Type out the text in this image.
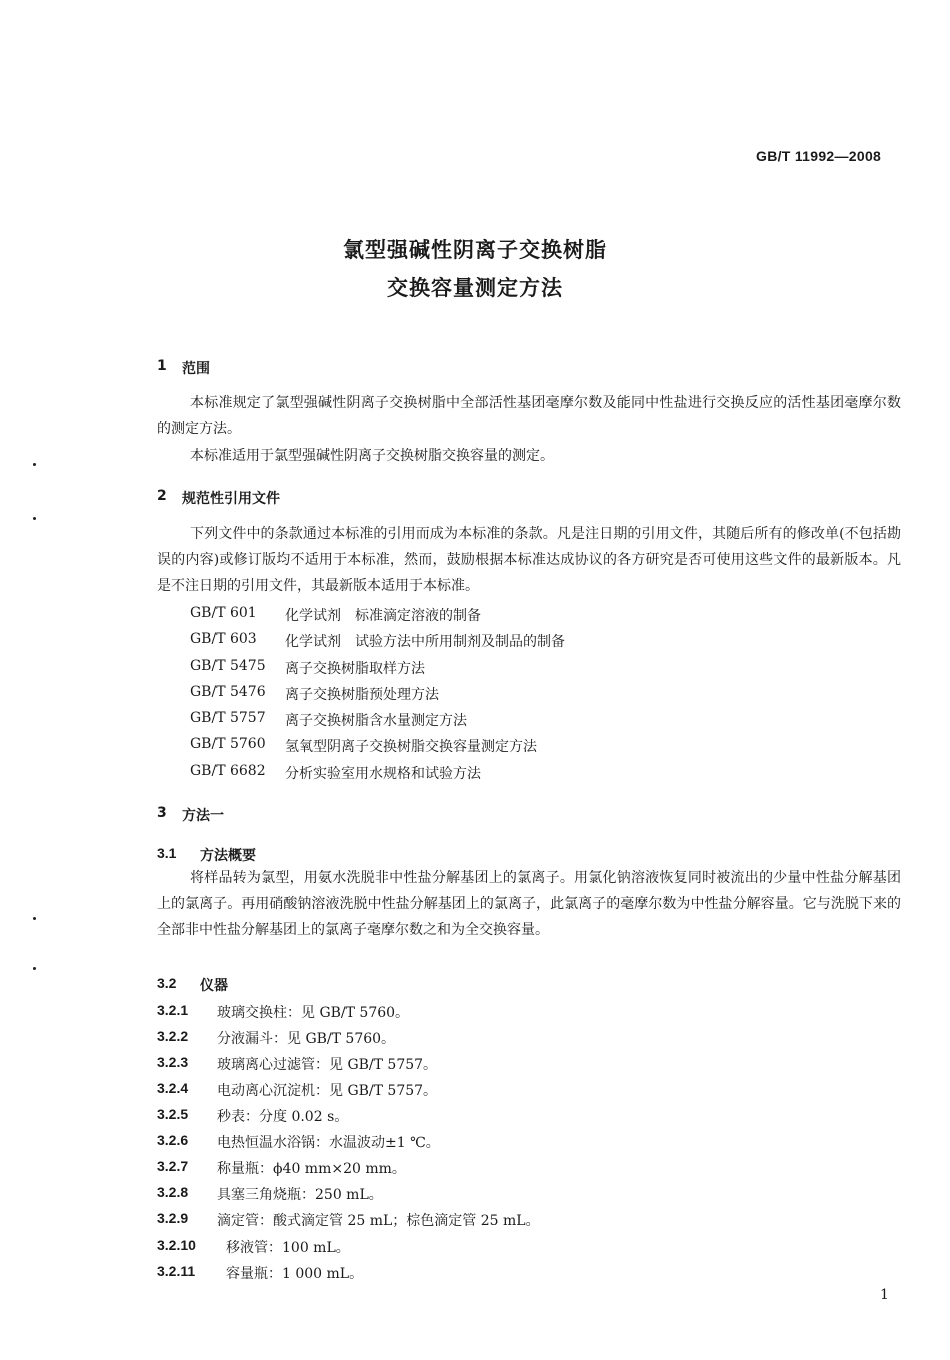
GB/T 11992—2008
氯型强碱性阴离子交换树脂
交换容量测定方法
1 范围
本标准规定了氯型强碱性阴离子交换树脂中全部活性基团毫摩尔数及能同中性盐进行交换反应的活性基团毫摩尔数的测定方法。
本标准适用于氯型强碱性阴离子交换树脂交换容量的测定。
2 规范性引用文件
下列文件中的条款通过本标准的引用而成为本标准的条款。凡是注日期的引用文件，其随后所有的修改单(不包括勘误的内容)或修订版均不适用于本标准，然而，鼓励根据本标准达成协议的各方研究是否可使用这些文件的最新版本。凡是不注日期的引用文件，其最新版本适用于本标准。
GB/T 601 化学试剂　标准滴定溶液的制备
GB/T 603 化学试剂　试验方法中所用制剂及制品的制备
GB/T 5475 离子交换树脂取样方法
GB/T 5476 离子交换树脂预处理方法
GB/T 5757 离子交换树脂含水量测定方法
GB/T 5760 氢氧型阴离子交换树脂交换容量测定方法
GB/T 6682 分析实验室用水规格和试验方法
3 方法一
3.1 方法概要
将样品转为氯型，用氨水洗脱非中性盐分解基团上的氯离子。用氯化钠溶液恢复同时被流出的少量中性盐分解基团上的氯离子。再用硝酸钠溶液洗脱中性盐分解基团上的氯离子，此氯离子的毫摩尔数为中性盐分解容量。它与洗脱下来的全部非中性盐分解基团上的氯离子毫摩尔数之和为全交换容量。
3.2 仪器
3.2.1 玻璃交换柱：见 GB/T 5760。
3.2.2 分液漏斗：见 GB/T 5760。
3.2.3 玻璃离心过滤管：见 GB/T 5757。
3.2.4 电动离心沉淀机：见 GB/T 5757。
3.2.5 秒表：分度 0.02 s。
3.2.6 电热恒温水浴锅：水温波动±1 ℃。
3.2.7 称量瓶：ϕ40 mm×20 mm。
3.2.8 具塞三角烧瓶：250 mL。
3.2.9 滴定管：酸式滴定管 25 mL；棕色滴定管 25 mL。
3.2.10 移液管：100 mL。
3.2.11 容量瓶：1 000 mL。
1
